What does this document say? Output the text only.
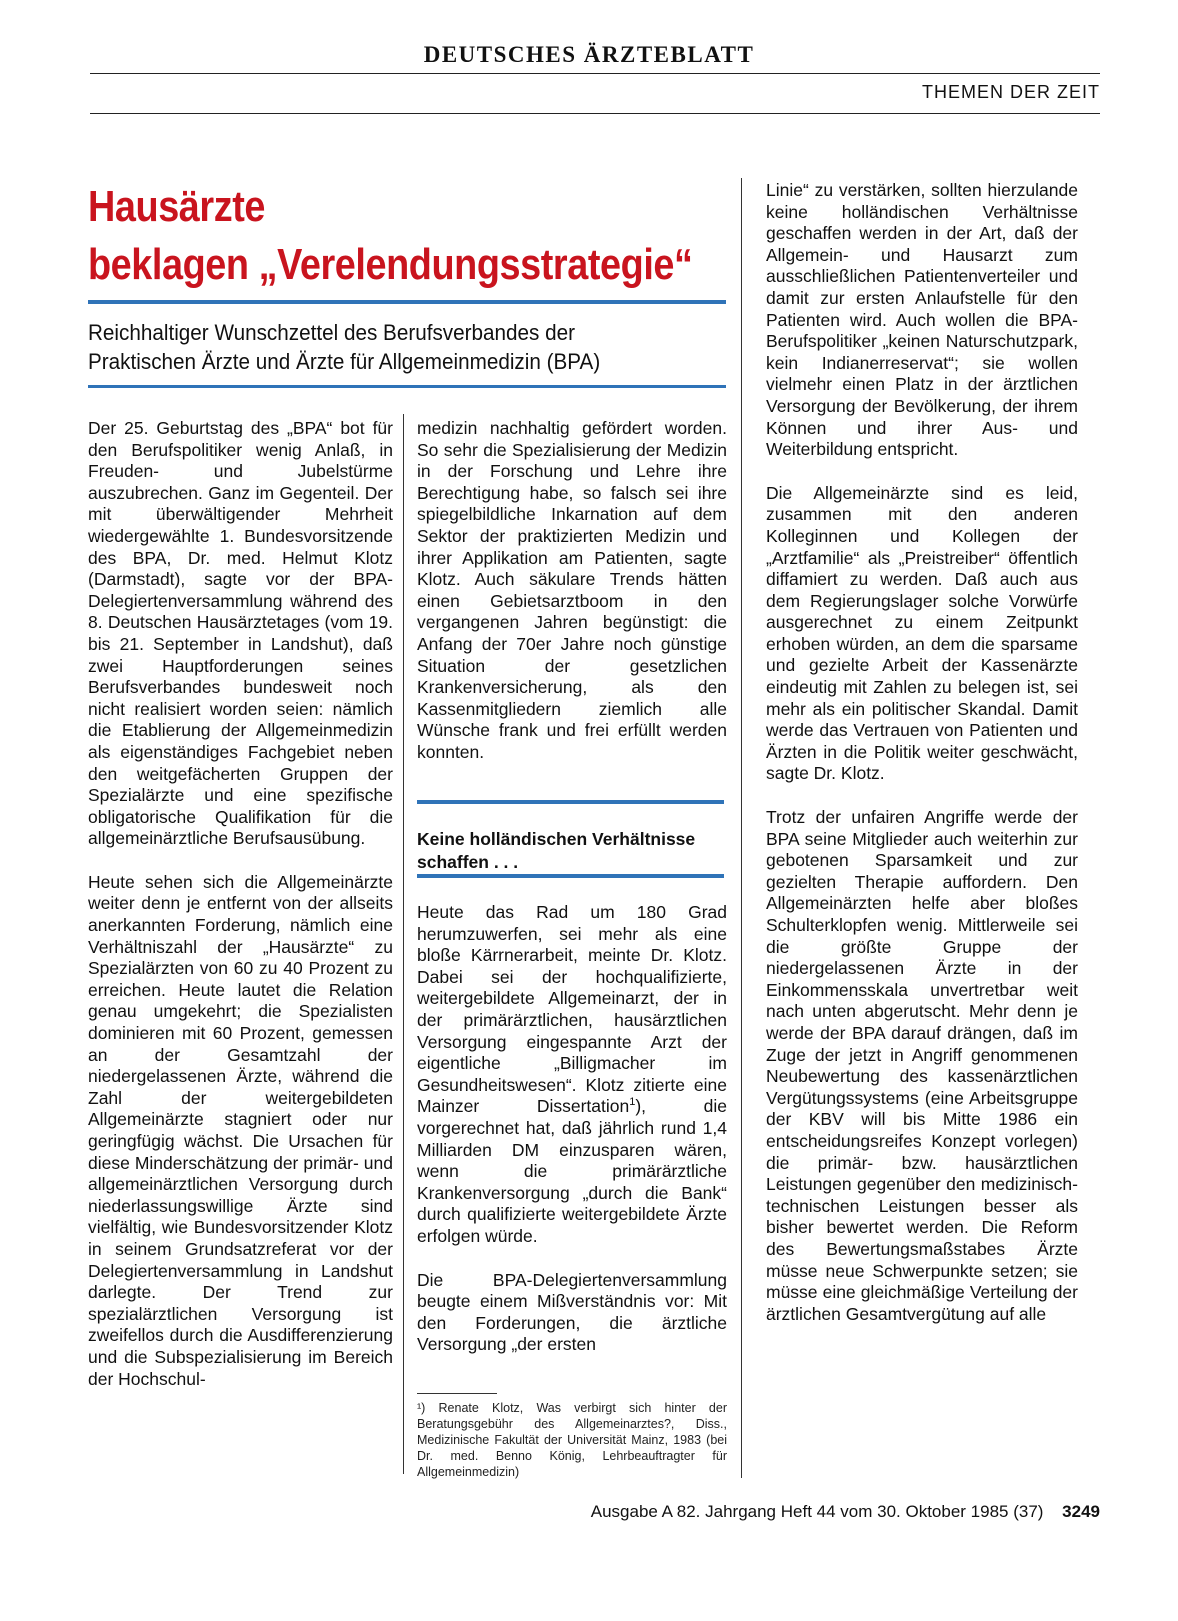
DEUTSCHES ÄRZTEBLATT
THEMEN DER ZEIT
Hausärzte
beklagen „Verelendungsstrategie“
Reichhaltiger Wunschzettel des Berufsverbandes der
Praktischen Ärzte und Ärzte für Allgemeinmedizin (BPA)

Der 25. Geburtstag des „BPA“ bot für den Berufspolitiker wenig Anlaß, in Freuden- und Jubelstürme auszubrechen. Ganz im Gegenteil. Der mit überwältigender Mehrheit wiedergewählte 1. Bundesvorsitzende des BPA, Dr. med. Helmut Klotz (Darmstadt), sagte vor der BPA-Delegiertenversammlung während des 8. Deutschen Hausärztetages (vom 19. bis 21. September in Landshut), daß zwei Hauptforderungen seines Berufsverbandes bundesweit noch nicht realisiert worden seien: nämlich die Etablierung der Allgemeinmedizin als eigenständiges Fachgebiet neben den weitgefächerten Gruppen der Spezialärzte und eine spezifische obligatorische Qualifikation für die allgemeinärztliche Berufsausübung.

Heute sehen sich die Allgemeinärzte weiter denn je entfernt von der allseits anerkannten Forderung, nämlich eine Verhältniszahl der „Hausärzte“ zu Spezialärzten von 60 zu 40 Prozent zu erreichen. Heute lautet die Relation genau umgekehrt; die Spezialisten dominieren mit 60 Prozent, gemessen an der Gesamtzahl der niedergelassenen Ärzte, während die Zahl der weitergebildeten Allgemeinärzte stagniert oder nur geringfügig wächst. Die Ursachen für diese Minderschätzung der primär- und allgemeinärztlichen Versorgung durch niederlassungswillige Ärzte sind vielfältig, wie Bundesvorsitzender Klotz in seinem Grundsatzreferat vor der Delegiertenversammlung in Landshut darlegte. Der Trend zur spezialärztlichen Versorgung ist zweifellos durch die Ausdifferenzierung und die Subspezialisierung im Bereich der Hochschul-

medizin nachhaltig gefördert worden. So sehr die Spezialisierung der Medizin in der Forschung und Lehre ihre Berechtigung habe, so falsch sei ihre spiegelbildliche Inkarnation auf dem Sektor der praktizierten Medizin und ihrer Applikation am Patienten, sagte Klotz. Auch säkulare Trends hätten einen Gebietsarztboom in den vergangenen Jahren begünstigt: die Anfang der 70er Jahre noch günstige Situation der gesetzlichen Krankenversicherung, als den Kassenmitgliedern ziemlich alle Wünsche frank und frei erfüllt werden konnten.

Keine holländischen Verhältnisse schaffen . . .

Heute das Rad um 180 Grad herumzuwerfen, sei mehr als eine bloße Kärrnerarbeit, meinte Dr. Klotz. Dabei sei der hochqualifizierte, weitergebildete Allgemeinarzt, der in der primärärztlichen, hausärztlichen Versorgung eingespannte Arzt der eigentliche „Billigmacher im Gesundheitswesen“. Klotz zitierte eine Mainzer Dissertation$^1$), die vorgerechnet hat, daß jährlich rund 1,4 Milliarden DM einzusparen wären, wenn die primärärztliche Krankenversorgung „durch die Bank“ durch qualifizierte weitergebildete Ärzte erfolgen würde.

Die BPA-Delegiertenversammlung beugte einem Mißverständnis vor: Mit den Forderungen, die ärztliche Versorgung „der ersten

¹) Renate Klotz, Was verbirgt sich hinter der Beratungsgebühr des Allgemeinarztes?, Diss., Medizinische Fakultät der Universität Mainz, 1983 (bei Dr. med. Benno König, Lehrbeauftragter für Allgemeinmedizin)

Linie“ zu verstärken, sollten hierzulande keine holländischen Verhältnisse geschaffen werden in der Art, daß der Allgemein- und Hausarzt zum ausschließlichen Patientenverteiler und damit zur ersten Anlaufstelle für den Patienten wird. Auch wollen die BPA-Berufspolitiker „keinen Naturschutzpark, kein Indianerreservat“; sie wollen vielmehr einen Platz in der ärztlichen Versorgung der Bevölkerung, der ihrem Können und ihrer Aus- und Weiterbildung entspricht.

Die Allgemeinärzte sind es leid, zusammen mit den anderen Kolleginnen und Kollegen der „Arztfamilie“ als „Preistreiber“ öffentlich diffamiert zu werden. Daß auch aus dem Regierungslager solche Vorwürfe ausgerechnet zu einem Zeitpunkt erhoben würden, an dem die sparsame und gezielte Arbeit der Kassenärzte eindeutig mit Zahlen zu belegen ist, sei mehr als ein politischer Skandal. Damit werde das Vertrauen von Patienten und Ärzten in die Politik weiter geschwächt, sagte Dr. Klotz.

Trotz der unfairen Angriffe werde der BPA seine Mitglieder auch weiterhin zur gebotenen Sparsamkeit und zur gezielten Therapie auffordern. Den Allgemeinärzten helfe aber bloßes Schulterklopfen wenig. Mittlerweile sei die größte Gruppe der niedergelassenen Ärzte in der Einkommensskala unvertretbar weit nach unten abgerutscht. Mehr denn je werde der BPA darauf drängen, daß im Zuge der jetzt in Angriff genommenen Neubewertung des kassenärztlichen Vergütungssystems (eine Arbeitsgruppe der KBV will bis Mitte 1986 ein entscheidungsreifes Konzept vorlegen) die primär- bzw. hausärztlichen Leistungen gegenüber den medizinisch-technischen Leistungen besser als bisher bewertet werden. Die Reform des Bewertungsmaßstabes Ärzte müsse neue Schwerpunkte setzen; sie müsse eine gleichmäßige Verteilung der ärztlichen Gesamtvergütung auf alle

Ausgabe A 82. Jahrgang Heft 44 vom 30. Oktober 1985 (37) 3249
